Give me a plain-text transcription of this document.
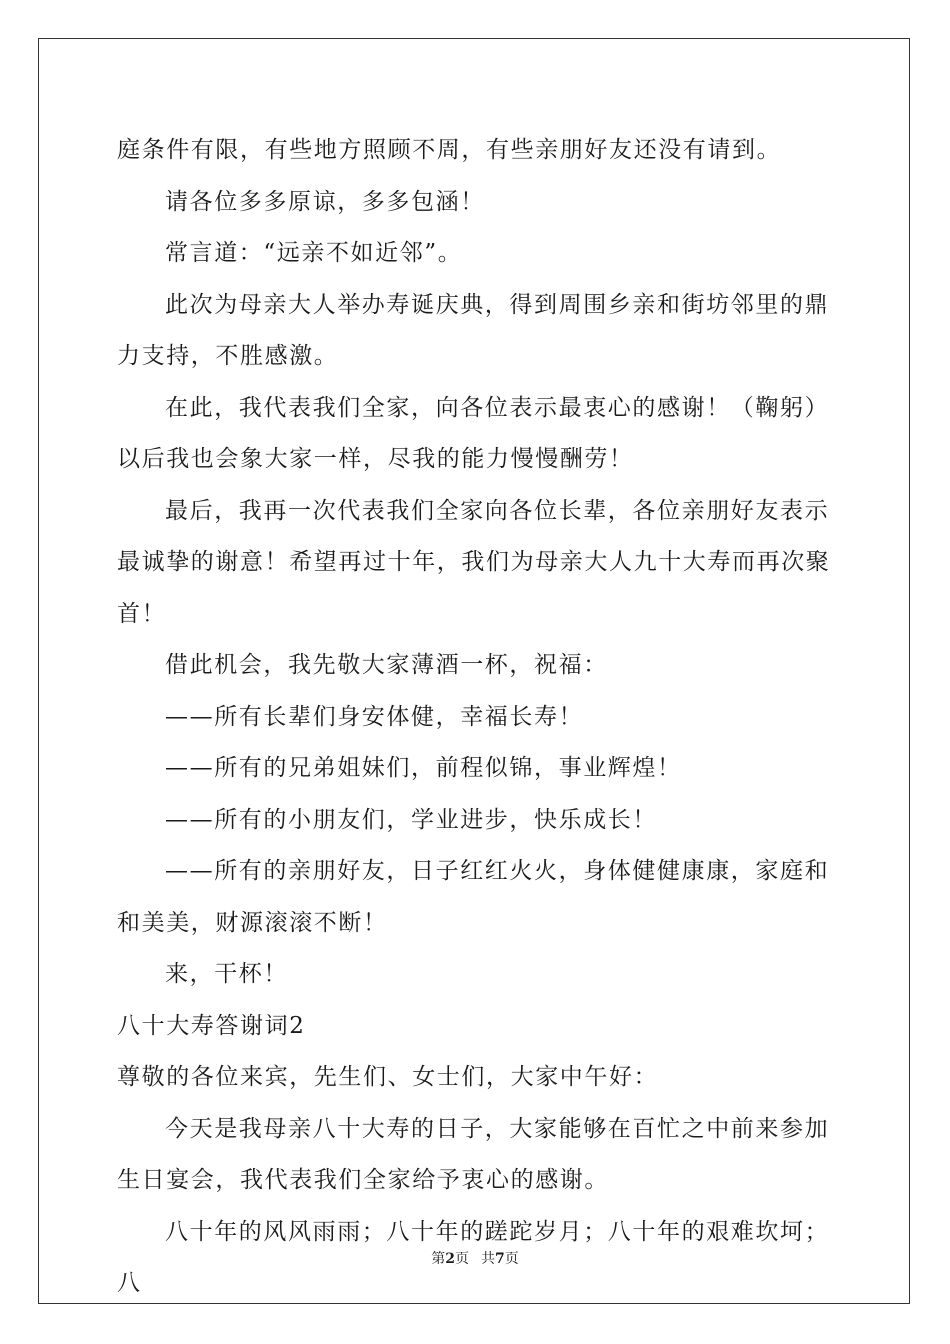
庭条件有限，有些地方照顾不周，有些亲朋好友还没有请到。

请各位多多原谅，多多包涵！

常言道：“远亲不如近邻”。

此次为母亲大人举办寿诞庆典，得到周围乡亲和街坊邻里的鼎力支持，不胜感激。

在此，我代表我们全家，向各位表示最衷心的感谢！（鞠躬）以后我也会象大家一样，尽我的能力慢慢酬劳！

最后，我再一次代表我们全家向各位长辈，各位亲朋好友表示最诚挚的谢意！希望再过十年，我们为母亲大人九十大寿而再次聚首！

借此机会，我先敬大家薄酒一杯，祝福：

——所有长辈们身安体健，幸福长寿！

——所有的兄弟姐妹们，前程似锦，事业辉煌！

——所有的小朋友们，学业进步，快乐成长！

——所有的亲朋好友，日子红红火火，身体健健康康，家庭和和美美，财源滚滚不断！

来，干杯！

八十大寿答谢词2

尊敬的各位来宾，先生们、女士们，大家中午好：

今天是我母亲八十大寿的日子，大家能够在百忙之中前来参加生日宴会，我代表我们全家给予衷心的感谢。

八十年的风风雨雨；八十年的蹉跎岁月；八十年的艰难坎坷；八

第2页 共7页
